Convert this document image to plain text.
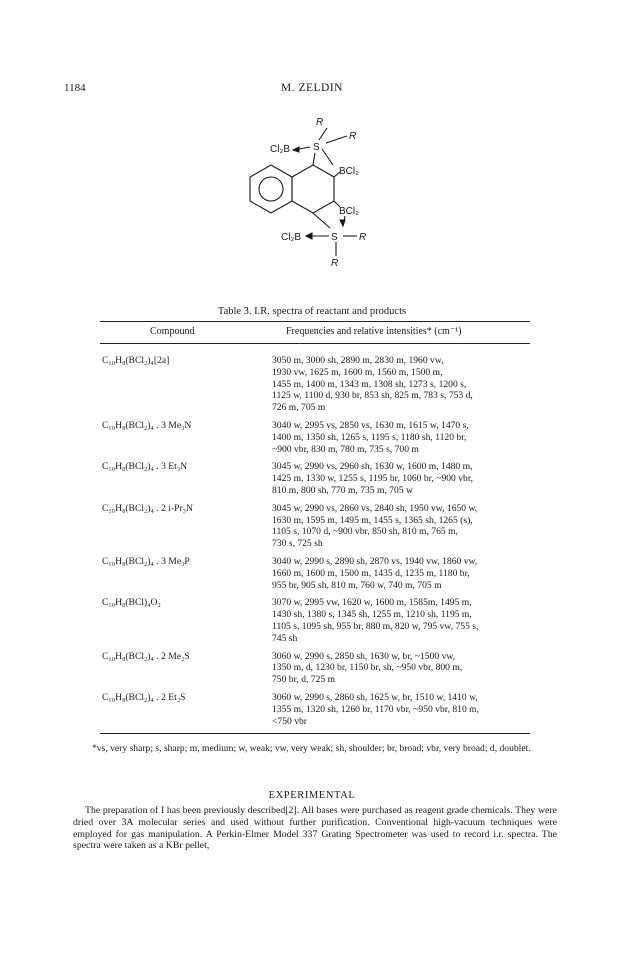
1184	M. ZELDIN
R
R
S
Cl₂B
BCl₂
BCl₂
Cl₂B	S R
R
Table 3. I.R. spectra of reactant and products
Compound	Frequencies and relative intensities* (cm⁻¹)
C₁₀H₈(BCl₂)₄[2a]	3050 m, 3000 sh, 2890 m, 2830 m, 1960 vw,
1930 vw, 1625 m, 1600 m, 1560 m, 1500 m,
1455 m, 1400 m, 1343 m, 1308 sh, 1273 s, 1200 s,
1125 w, 1100 d, 930 br, 853 sh, 825 m, 783 s, 753 d,
726 m, 705 m
C₁₀H₈(BCl₂)₄ . 3 Me₃N	3040 w, 2995 vs, 2850 vs, 1630 m, 1615 w, 1470 s,
1400 m, 1350 sh, 1265 s, 1195 s, 1180 sh, 1120 br,
~900 vbr, 830 m, 780 m, 735 s, 700 m
C₁₀H₈(BCl₂)₄ . 3 Et₃N	3045 w, 2990 vs, 2960 sh, 1630 w, 1600 m, 1480 m,
1425 m, 1330 w, 1255 s, 1195 br, 1060 br, ~900 vbr,
810 m, 800 sh, 770 m, 735 m, 705 w
C₁₀H₈(BCl₂)₄ . 2 i-Pr₃N	3045 w, 2990 vs, 2860 vs, 2840 sh, 1950 vw, 1650 w,
1630 m, 1595 m, 1495 m, 1455 s, 1365 sh, 1265 (s),
1105 s, 1070 d, ~900 vbr, 850 sh, 810 m, 765 m,
730 s, 725 sh
C₁₀H₈(BCl₂)₄ . 3 Me₃P	3040 w, 2990 s, 2890 sh, 2870 vs, 1940 vw, 1860 vw,
1660 m, 1600 m, 1500 m, 1435 d, 1235 m, 1180 br,
955 br, 905 sh, 810 m, 760 w, 740 m, 705 m
C₁₀H₈(BCl)₄O₂	3070 w, 2995 vw, 1620 w, 1600 m, 1585m, 1495 m,
1430 sh, 1380 s, 1345 sh, 1255 m, 1210 sh, 1195 m,
1105 s, 1095 sh, 955 br, 880 m, 820 w, 795 vw, 755 s,
745 sh
C₁₀H₈(BCl₂)₄ . 2 Me₂S	3060 w, 2990 s, 2850 sh, 1630 w, br, ~1500 vw,
1350 m, d, 1230 br, 1150 br, sh, ~950 vbr, 800 m,
750 br, d, 725 m
C₁₀H₈(BCl₂)₄ . 2 Et₂S	3060 w, 2990 s, 2860 sh, 1625 w, br, 1510 w, 1410 w,
1355 m, 1320 sh, 1260 br, 1170 vbr, ~950 vbr, 810 m,
<750 vbr
*vs, very sharp; s, sharp; m, medium; w, weak; vw, very weak; sh, shoulder; br, broad; vbr, very broad; d, doublet.
EXPERIMENTAL

The preparation of I has been previously described[2]. All bases were purchased as reagent grade chemicals. They were dried over 3A molecular series and used without further purification. Conventional high-vacuum techniques were employed for gas manipulation. A Perkin-Elmer Model 337 Grating Spectrometer was used to record i.r. spectra. The spectra were taken as a KBr pellet,
